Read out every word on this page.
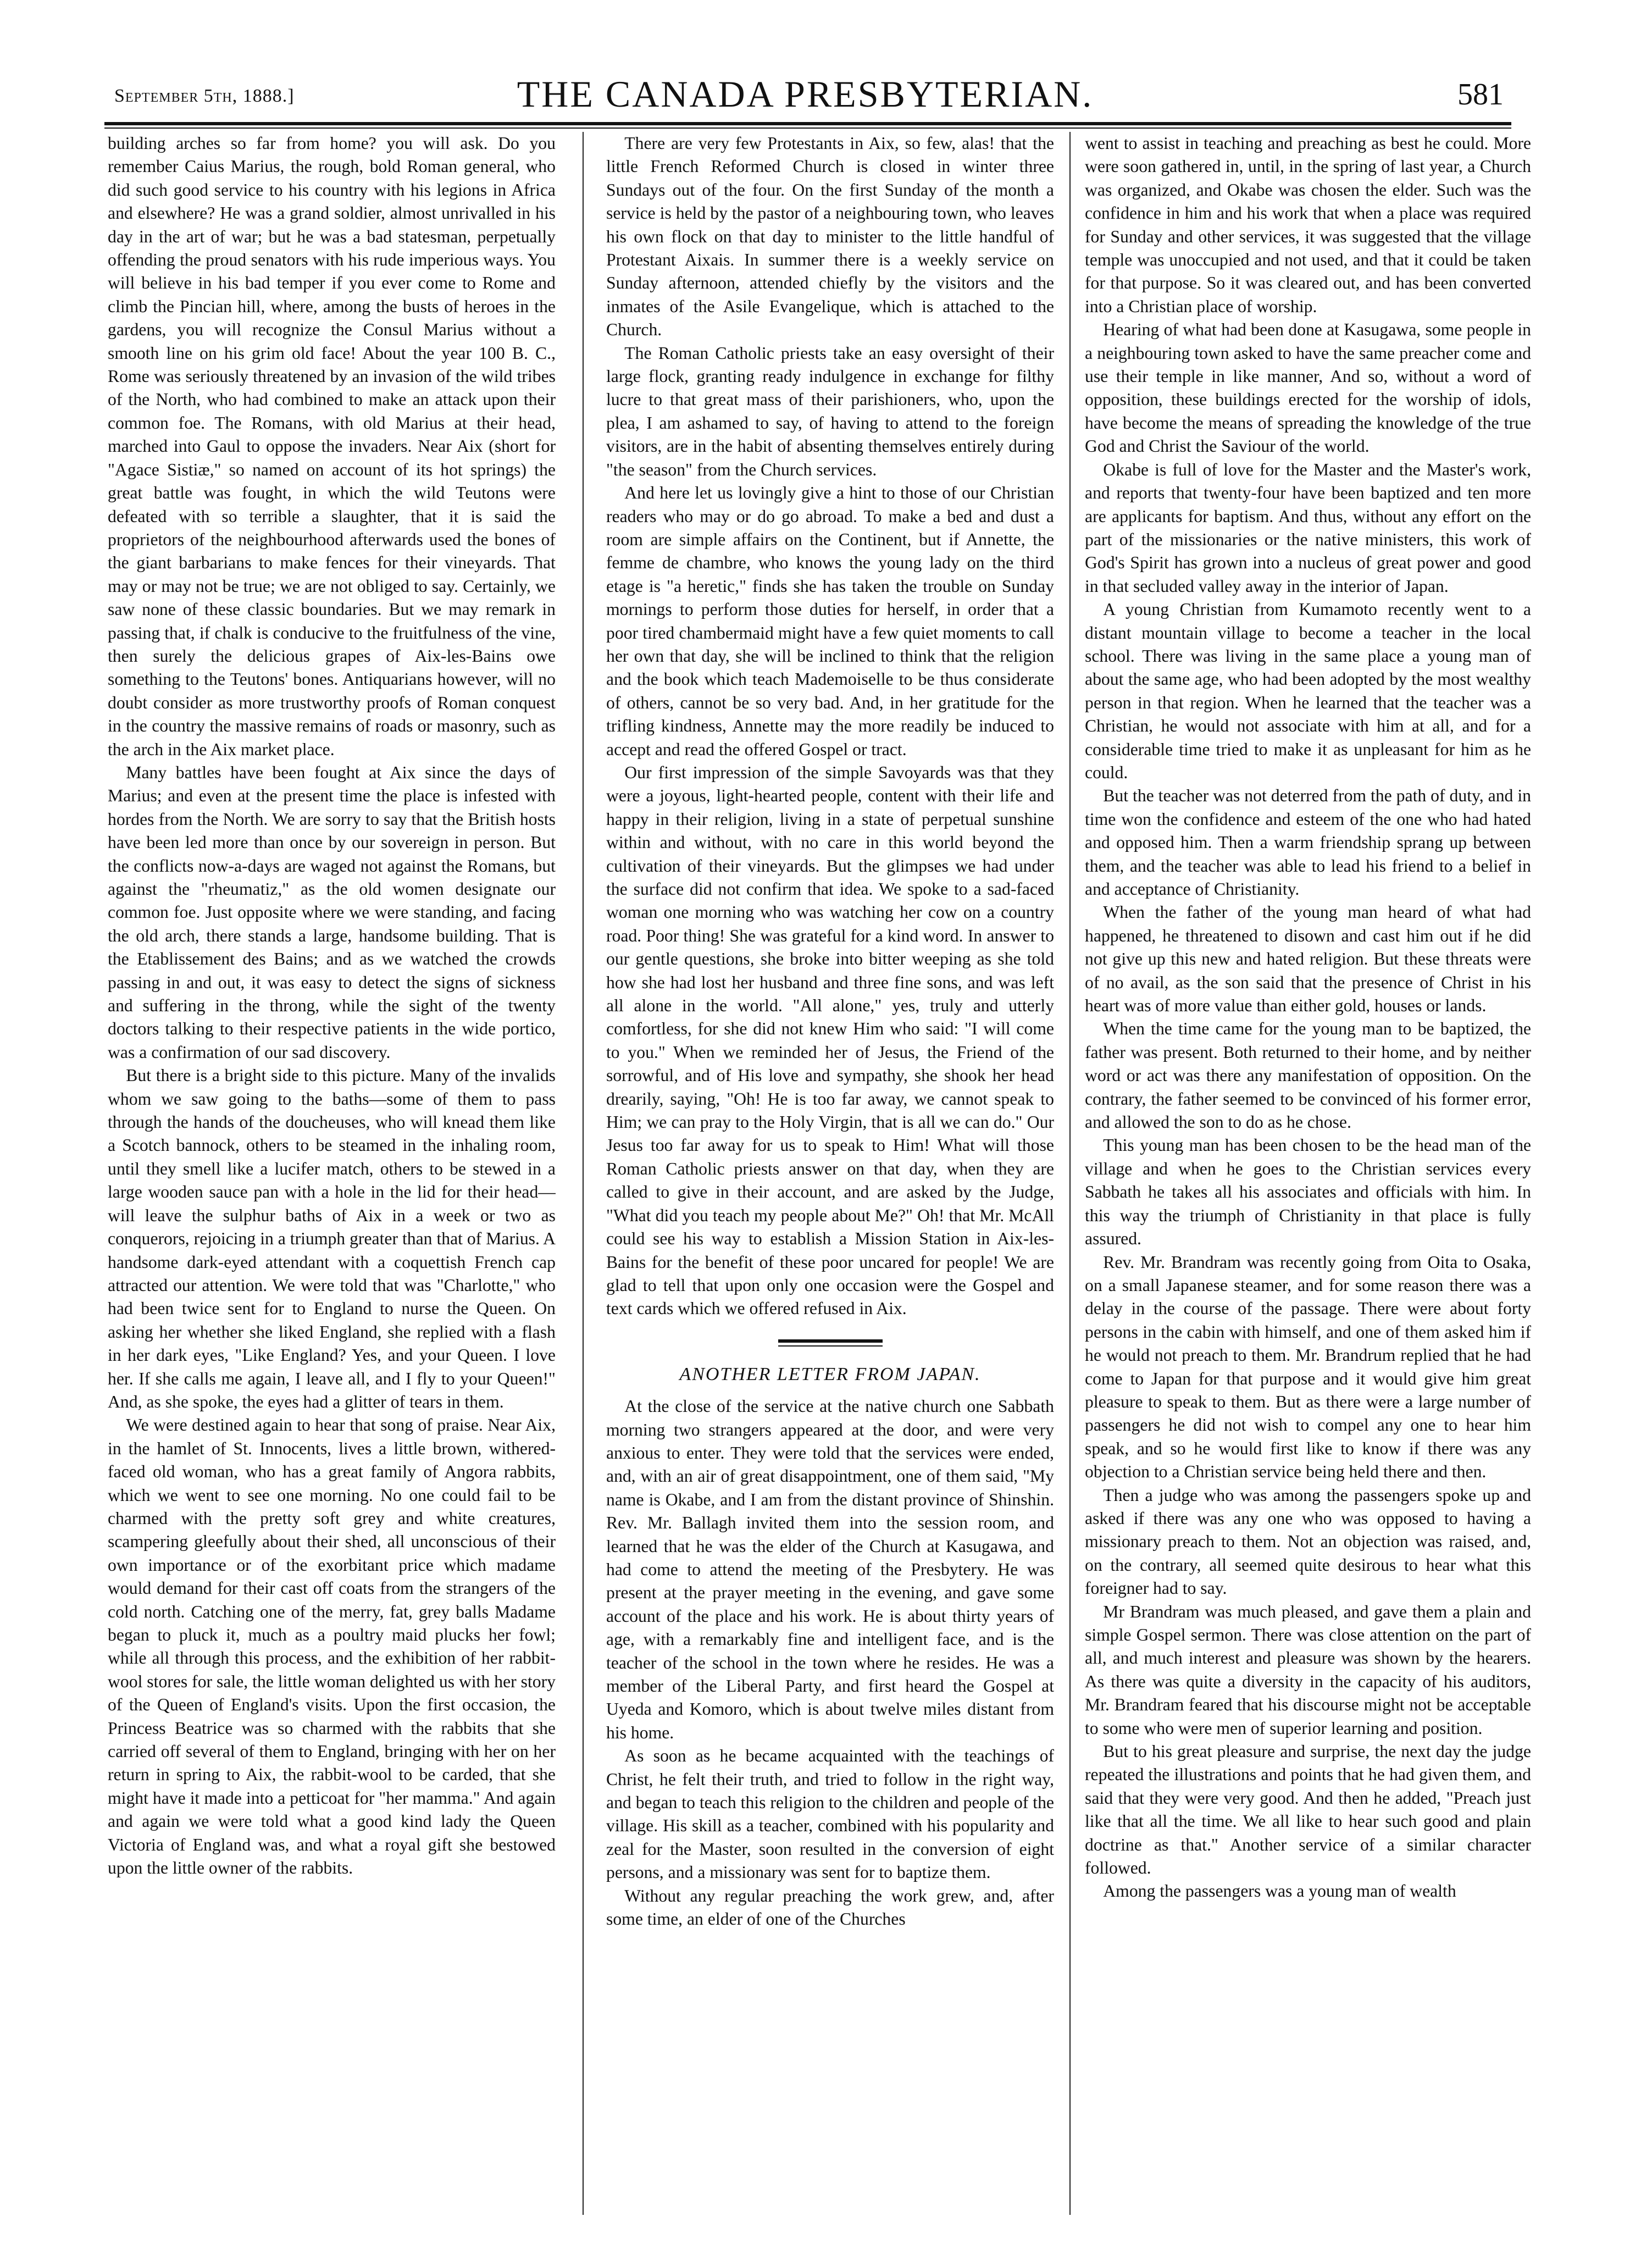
September 5th, 1888.]	THE CANADA PRESBYTERIAN.	581

building arches so far from home? you will ask. Do you remember Caius Marius, the rough, bold Roman general, who did such good service to his country with his legions in Africa and elsewhere? He was a grand soldier, almost unrivalled in his day in the art of war; but he was a bad statesman, perpetually offending the proud senators with his rude imperious ways. You will believe in his bad temper if you ever come to Rome and climb the Pincian hill, where, among the busts of heroes in the gardens, you will recognize the Consul Marius without a smooth line on his grim old face! About the year 100 B. C., Rome was seriously threatened by an invasion of the wild tribes of the North, who had combined to make an attack upon their common foe. The Romans, with old Marius at their head, marched into Gaul to oppose the invaders. Near Aix (short for "Agace Sistiæ," so named on account of its hot springs) the great battle was fought, in which the wild Teutons were defeated with so terrible a slaughter, that it is said the proprietors of the neighbourhood afterwards used the bones of the giant barbarians to make fences for their vineyards. That may or may not be true; we are not obliged to say. Certainly, we saw none of these classic boundaries. But we may remark in passing that, if chalk is conducive to the fruitfulness of the vine, then surely the delicious grapes of Aix-les-Bains owe something to the Teutons' bones. Antiquarians however, will no doubt consider as more trustworthy proofs of Roman conquest in the country the massive remains of roads or masonry, such as the arch in the Aix market place.

Many battles have been fought at Aix since the days of Marius; and even at the present time the place is infested with hordes from the North. We are sorry to say that the British hosts have been led more than once by our sovereign in person. But the conflicts now-a-days are waged not against the Romans, but against the "rheumatiz," as the old women designate our common foe. Just opposite where we were standing, and facing the old arch, there stands a large, handsome building. That is the Etablissement des Bains; and as we watched the crowds passing in and out, it was easy to detect the signs of sickness and suffering in the throng, while the sight of the twenty doctors talking to their respective patients in the wide portico, was a confirmation of our sad discovery.

But there is a bright side to this picture. Many of the invalids whom we saw going to the baths—some of them to pass through the hands of the doucheuses, who will knead them like a Scotch bannock, others to be steamed in the inhaling room, until they smell like a lucifer match, others to be stewed in a large wooden sauce pan with a hole in the lid for their head—will leave the sulphur baths of Aix in a week or two as conquerors, rejoicing in a triumph greater than that of Marius. A handsome dark-eyed attendant with a coquettish French cap attracted our attention. We were told that was "Charlotte," who had been twice sent for to England to nurse the Queen. On asking her whether she liked England, she replied with a flash in her dark eyes, "Like England? Yes, and your Queen. I love her. If she calls me again, I leave all, and I fly to your Queen!" And, as she spoke, the eyes had a glitter of tears in them.

We were destined again to hear that song of praise. Near Aix, in the hamlet of St. Innocents, lives a little brown, withered-faced old woman, who has a great family of Angora rabbits, which we went to see one morning. No one could fail to be charmed with the pretty soft grey and white creatures, scampering gleefully about their shed, all unconscious of their own importance or of the exorbitant price which madame would demand for their cast off coats from the strangers of the cold north. Catching one of the merry, fat, grey balls Madame began to pluck it, much as a poultry maid plucks her fowl; while all through this process, and the exhibition of her rabbit-wool stores for sale, the little woman delighted us with her story of the Queen of England's visits. Upon the first occasion, the Princess Beatrice was so charmed with the rabbits that she carried off several of them to England, bringing with her on her return in spring to Aix, the rabbit-wool to be carded, that she might have it made into a petticoat for "her mamma." And again and again we were told what a good kind lady the Queen Victoria of England was, and what a royal gift she bestowed upon the little owner of the rabbits.

There are very few Protestants in Aix, so few, alas! that the little French Reformed Church is closed in winter three Sundays out of the four. On the first Sunday of the month a service is held by the pastor of a neighbouring town, who leaves his own flock on that day to minister to the little handful of Protestant Aixais. In summer there is a weekly service on Sunday afternoon, attended chiefly by the visitors and the inmates of the Asile Evangelique, which is attached to the Church.

The Roman Catholic priests take an easy oversight of their large flock, granting ready indulgence in exchange for filthy lucre to that great mass of their parishioners, who, upon the plea, I am ashamed to say, of having to attend to the foreign visitors, are in the habit of absenting themselves entirely during "the season" from the Church services.

And here let us lovingly give a hint to those of our Christian readers who may or do go abroad. To make a bed and dust a room are simple affairs on the Continent, but if Annette, the femme de chambre, who knows the young lady on the third etage is "a heretic," finds she has taken the trouble on Sunday mornings to perform those duties for herself, in order that a poor tired chambermaid might have a few quiet moments to call her own that day, she will be inclined to think that the religion and the book which teach Mademoiselle to be thus considerate of others, cannot be so very bad. And, in her gratitude for the trifling kindness, Annette may the more readily be induced to accept and read the offered Gospel or tract.

Our first impression of the simple Savoyards was that they were a joyous, light-hearted people, content with their life and happy in their religion, living in a state of perpetual sunshine within and without, with no care in this world beyond the cultivation of their vineyards. But the glimpses we had under the surface did not confirm that idea. We spoke to a sad-faced woman one morning who was watching her cow on a country road. Poor thing! She was grateful for a kind word. In answer to our gentle questions, she broke into bitter weeping as she told how she had lost her husband and three fine sons, and was left all alone in the world. "All alone," yes, truly and utterly comfortless, for she did not knew Him who said: "I will come to you." When we reminded her of Jesus, the Friend of the sorrowful, and of His love and sympathy, she shook her head drearily, saying, "Oh! He is too far away, we cannot speak to Him; we can pray to the Holy Virgin, that is all we can do." Our Jesus too far away for us to speak to Him! What will those Roman Catholic priests answer on that day, when they are called to give in their account, and are asked by the Judge, "What did you teach my people about Me?" Oh! that Mr. McAll could see his way to establish a Mission Station in Aix-les-Bains for the benefit of these poor uncared for people! We are glad to tell that upon only one occasion were the Gospel and text cards which we offered refused in Aix.

ANOTHER LETTER FROM JAPAN.

At the close of the service at the native church one Sabbath morning two strangers appeared at the door, and were very anxious to enter. They were told that the services were ended, and, with an air of great disappointment, one of them said, "My name is Okabe, and I am from the distant province of Shinshin. Rev. Mr. Ballagh invited them into the session room, and learned that he was the elder of the Church at Kasugawa, and had come to attend the meeting of the Presbytery. He was present at the prayer meeting in the evening, and gave some account of the place and his work. He is about thirty years of age, with a remarkably fine and intelligent face, and is the teacher of the school in the town where he resides. He was a member of the Liberal Party, and first heard the Gospel at Uyeda and Komoro, which is about twelve miles distant from his home.

As soon as he became acquainted with the teachings of Christ, he felt their truth, and tried to follow in the right way, and began to teach this religion to the children and people of the village. His skill as a teacher, combined with his popularity and zeal for the Master, soon resulted in the conversion of eight persons, and a missionary was sent for to baptize them.

Without any regular preaching the work grew, and, after some time, an elder of one of the Churches

went to assist in teaching and preaching as best he could. More were soon gathered in, until, in the spring of last year, a Church was organized, and Okabe was chosen the elder. Such was the confidence in him and his work that when a place was required for Sunday and other services, it was suggested that the village temple was unoccupied and not used, and that it could be taken for that purpose. So it was cleared out, and has been converted into a Christian place of worship.

Hearing of what had been done at Kasugawa, some people in a neighbouring town asked to have the same preacher come and use their temple in like manner, And so, without a word of opposition, these buildings erected for the worship of idols, have become the means of spreading the knowledge of the true God and Christ the Saviour of the world.

Okabe is full of love for the Master and the Master's work, and reports that twenty-four have been baptized and ten more are applicants for baptism. And thus, without any effort on the part of the missionaries or the native ministers, this work of God's Spirit has grown into a nucleus of great power and good in that secluded valley away in the interior of Japan.

A young Christian from Kumamoto recently went to a distant mountain village to become a teacher in the local school. There was living in the same place a young man of about the same age, who had been adopted by the most wealthy person in that region. When he learned that the teacher was a Christian, he would not associate with him at all, and for a considerable time tried to make it as unpleasant for him as he could.

But the teacher was not deterred from the path of duty, and in time won the confidence and esteem of the one who had hated and opposed him. Then a warm friendship sprang up between them, and the teacher was able to lead his friend to a belief in and acceptance of Christianity.

When the father of the young man heard of what had happened, he threatened to disown and cast him out if he did not give up this new and hated religion. But these threats were of no avail, as the son said that the presence of Christ in his heart was of more value than either gold, houses or lands.

When the time came for the young man to be baptized, the father was present. Both returned to their home, and by neither word or act was there any manifestation of opposition. On the contrary, the father seemed to be convinced of his former error, and allowed the son to do as he chose.

This young man has been chosen to be the head man of the village and when he goes to the Christian services every Sabbath he takes all his associates and officials with him. In this way the triumph of Christianity in that place is fully assured.

Rev. Mr. Brandram was recently going from Oita to Osaka, on a small Japanese steamer, and for some reason there was a delay in the course of the passage. There were about forty persons in the cabin with himself, and one of them asked him if he would not preach to them. Mr. Brandrum replied that he had come to Japan for that purpose and it would give him great pleasure to speak to them. But as there were a large number of passengers he did not wish to compel any one to hear him speak, and so he would first like to know if there was any objection to a Christian service being held there and then.

Then a judge who was among the passengers spoke up and asked if there was any one who was opposed to having a missionary preach to them. Not an objection was raised, and, on the contrary, all seemed quite desirous to hear what this foreigner had to say.

Mr Brandram was much pleased, and gave them a plain and simple Gospel sermon. There was close attention on the part of all, and much interest and pleasure was shown by the hearers. As there was quite a diversity in the capacity of his auditors, Mr. Brandram feared that his discourse might not be acceptable to some who were men of superior learning and position.

But to his great pleasure and surprise, the next day the judge repeated the illustrations and points that he had given them, and said that they were very good. And then he added, "Preach just like that all the time. We all like to hear such good and plain doctrine as that." Another service of a similar character followed.

Among the passengers was a young man of wealth
